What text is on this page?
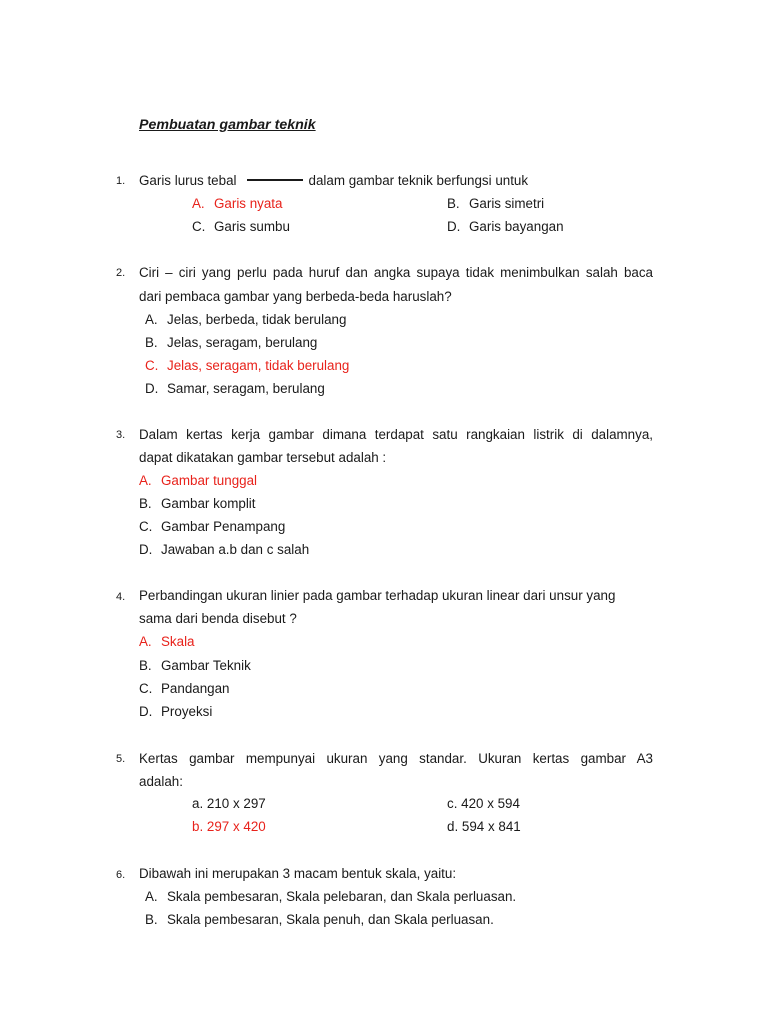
Pembuatan gambar teknik
1. Garis lurus tebal	dalam gambar teknik berfungsi untuk
A. Garis nyata	B. Garis simetri
C. Garis sumbu	D. Garis bayangan
2. Ciri – ciri yang perlu pada huruf dan angka supaya tidak menimbulkan salah baca
dari pembaca gambar yang berbeda-beda haruslah?
A. Jelas, berbeda, tidak berulang
B. Jelas, seragam, berulang
C. Jelas, seragam, tidak berulang
D. Samar, seragam, berulang
3. Dalam kertas kerja gambar dimana terdapat satu rangkaian listrik di dalamnya,
dapat dikatakan gambar tersebut adalah :
A. Gambar tunggal
B. Gambar komplit
C. Gambar Penampang
D. Jawaban a.b dan c salah
4. Perbandingan ukuran linier pada gambar terhadap ukuran linear dari unsur yang
sama dari benda disebut ?
A. Skala
B. Gambar Teknik
C. Pandangan
D. Proyeksi
5. Kertas gambar mempunyai ukuran yang standar. Ukuran kertas gambar A3
adalah:
a. 210 x 297	c. 420 x 594
b. 297 x 420	d. 594 x 841
6. Dibawah ini merupakan 3 macam bentuk skala, yaitu:
A. Skala pembesaran, Skala pelebaran, dan Skala perluasan.
B. Skala pembesaran, Skala penuh, dan Skala perluasan.
